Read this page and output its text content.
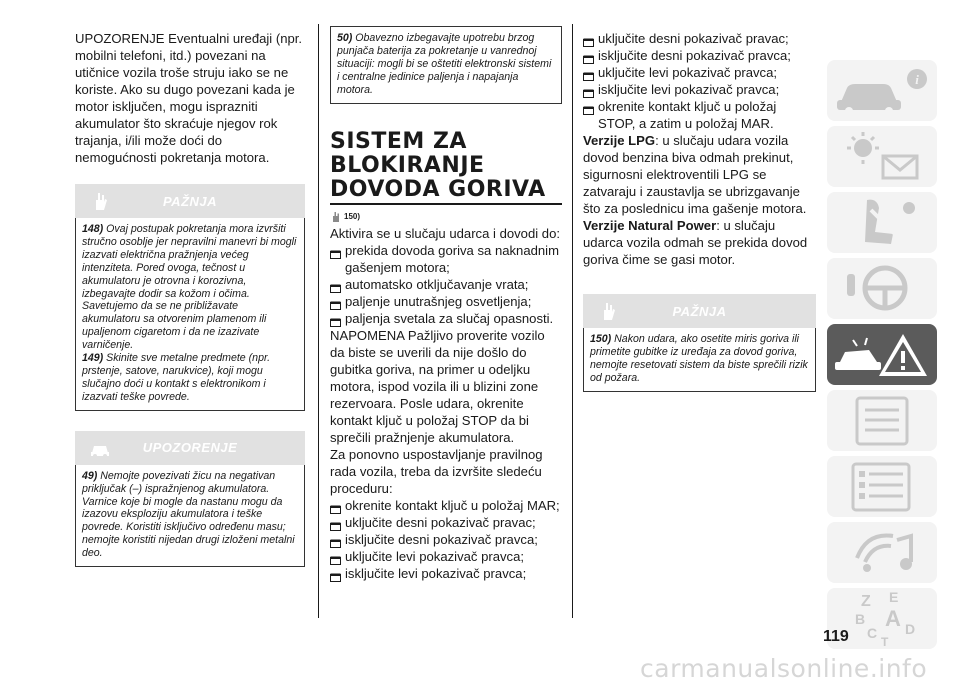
UPOZORENJE Eventualni uređaji (npr. mobilni telefoni, itd.) povezani na utičnice vozila troše struju iako se ne koriste. Ako su dugo povezani kada je motor isključen, mogu isprazniti akumulator što skraćuje njegov rok trajanja, i/ili može doći do nemogućnosti pokretanja motora.

PAŽNJA

148) Ovaj postupak pokretanja mora izvršiti stručno osoblje jer nepravilni manevri bi mogli izazvati električna pražnjenja većeg intenziteta. Pored ovoga, tečnost u akumulatoru je otrovna i korozivna, izbegavajte dodir sa kožom i očima. Savetujemo da se ne približavate akumulatoru sa otvorenim plamenom ili upaljenom cigaretom i da ne izazivate varničenje.

149) Skinite sve metalne predmete (npr. prstenje, satove, narukvice), koji mogu slučajno doći u kontakt s elektronikom i izazvati teške povrede.

UPOZORENJE

49) Nemojte povezivati žicu na negativan priključak (–) ispražnjenog akumulatora. Varnice koje bi mogle da nastanu mogu da izazovu eksploziju akumulatora i teške povrede. Koristiti isključivo određenu masu; nemojte koristiti nijedan drugi izloženi metalni deo.

50) Obavezno izbegavajte upotrebu brzog punjača baterija za pokretanje u vanrednoj situaciji: mogli bi se oštetiti elektronski sistemi i centralne jedinice paljenja i napajanja motora.

SISTEM ZA
BLOKIRANJE
DOVODA GORIVA
150)

Aktivira se u slučaju udarca i dovodi do:

prekida dovoda goriva sa naknadnim gašenjem motora;
automatsko otključavanje vrata;
paljenje unutrašnjeg osvetljenja;
paljenja svetala za slučaj opasnosti.

NAPOMENA Pažljivo proverite vozilo da biste se uverili da nije došlo do gubitka goriva, na primer u odeljku motora, ispod vozila ili u blizini zone rezervoara. Posle udara, okrenite kontakt ključ u položaj STOP da bi sprečili pražnjenje akumulatora.

Za ponovno uspostavljanje pravilnog rada vozila, treba da izvršite sledeću proceduru:

okrenite kontakt ključ u položaj MAR;
uključite desni pokazivač pravac;
isključite desni pokazivač pravca;
uključite levi pokazivač pravca;
isključite levi pokazivač pravca;
uključite desni pokazivač pravac;
isključite desni pokazivač pravca;
uključite levi pokazivač pravca;
isključite levi pokazivač pravca;
okrenite kontakt ključ u položaj STOP, a zatim u položaj MAR.

Verzije LPG: u slučaju udara vozila dovod benzina biva odmah prekinut, sigurnosni elektroventili LPG se zatvaraju i zaustavlja se ubrizgavanje što za poslednicu ima gašenje motora.

Verzije Natural Power: u slučaju udarca vozila odmah se prekida dovod goriva čime se gasi motor.

PAŽNJA

150) Nakon udara, ako osetite miris goriva ili primetite gubitke iz uređaja za dovod goriva, nemojte resetovati sistem da biste sprečili rizik od požara.

i
Z E
B A
C D
T
119
carmanualsonline.info
